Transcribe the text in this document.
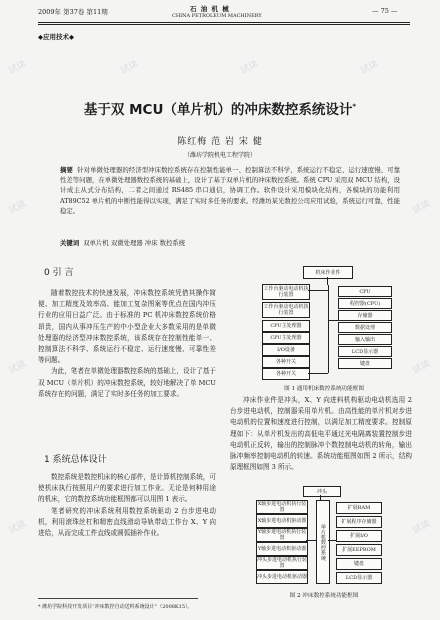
2009年 第37卷 第11期	石 油 机 械
CHINA PETROLEUM MACHINERY
— 75 —
◆应用技术◆
基于双 MCU（单片机）的冲床数控系统设计*
陈红梅 范 岩 宋 健
（潍坊学院机电工程学院）
摘要 针对单微处理器的经济型冲床数控系统存在控制性能单一、控制算法不科学、系统运行不稳定、运行速度慢、可靠性差等问题，在单微处理器数控系统的基础上，设计了基于双单片机的冲床数控系统。系统 CPU 采用双 MCU 结构，设计成主从式分布结构，二者之间通过 RS485 串口通信，协调工作。软件设计采用模块化结构，各模块的功能利用 AT89C52 单片机的中断性能得以实现，满足了实时多任务的要求。经潍坊某光数控公司应用试验，系统运行可靠，性能稳定。
关键词 双单片机 双微处理器 冲床 数控系统
0 引 言

随着数控技术的快速发展，冲床数控系统凭借其操作简便、加工精度及效率高、能加工复杂图案等优点在国内冲压行业的应用日益广泛。由于标准的 PC 机冲床数控系统价格昂贵，国内从事冲压生产的中小型企业大多数采用的是单微处理器的经济型冲床数控系统，该系统存在控制性能单一、控制算法不科学、系统运行不稳定、运行速度慢、可靠性差等问题。

为此，笔者在单微处理器数控系统的基础上，设计了基于双 MCU（单片机）的冲床数控系统，较好地解决了单 MCU 系统存在的问题，满足了实时多任务的加工要求。

1 系统总体设计

数控系统是数控机床的核心部件，是计算机控制系统，可使机床执行按照用户的要求进行加工作业。无论是何种用途的机床，它的数控系统功能框图都可以用图 1 表示。

笔者研究的冲床系统利用数控系统驱动 2 台步进电动机，利用滚珠丝杠和精密直线滑动导轨带动工作台 X、Y 向进给，从而完成工件直线或圆弧插补作业。

机床作业件
工作台驱动电动机执行装置
工作台驱动电动机执行装置
CPU主处理器
CPU主处理器
I/O设备
各种开关
各种开关
CPU
程控器(CPU)
存储器
数据处理
输入输出
LCD显示器
键盘
图 1 通用机床数控系统功能框图

冲床作业件是冲头，X、Y 向进料机构驱动电动机选用 2 台步进电动机，控制器采用单片机。由高性能的单片机对步进电动机的位置和速度进行控制，以满足加工精度要求。控制原理如下：从单片机发出的高低电平通过光电隔离装置控制步进电动机正反转，输出的控制脉冲个数控制电动机的转角，输出脉冲频率控制电动机的转速。系统功能框图如图 2 所示，结构原理框图如图 3 所示。

冲头
X轴步进电动机执行装置
X轴步进电动机驱动器
Y轴步进电动机执行装置
Y轴步进电动机驱动器
冲头步进电动机执行装置
冲头步进电动机驱动器
单片机数控系统
扩展RAM
扩展程序存储器
扩展I/O
扩展EEPROM
键盘
LCD显示器
图 2 冲床数控系统功能框图
* 潍坊学院科技开发项目“冲床数控自动送料系统设计”（2008K15）。
试读	试读	试读	试读
试读	试读
试读	试读
试读	试读
